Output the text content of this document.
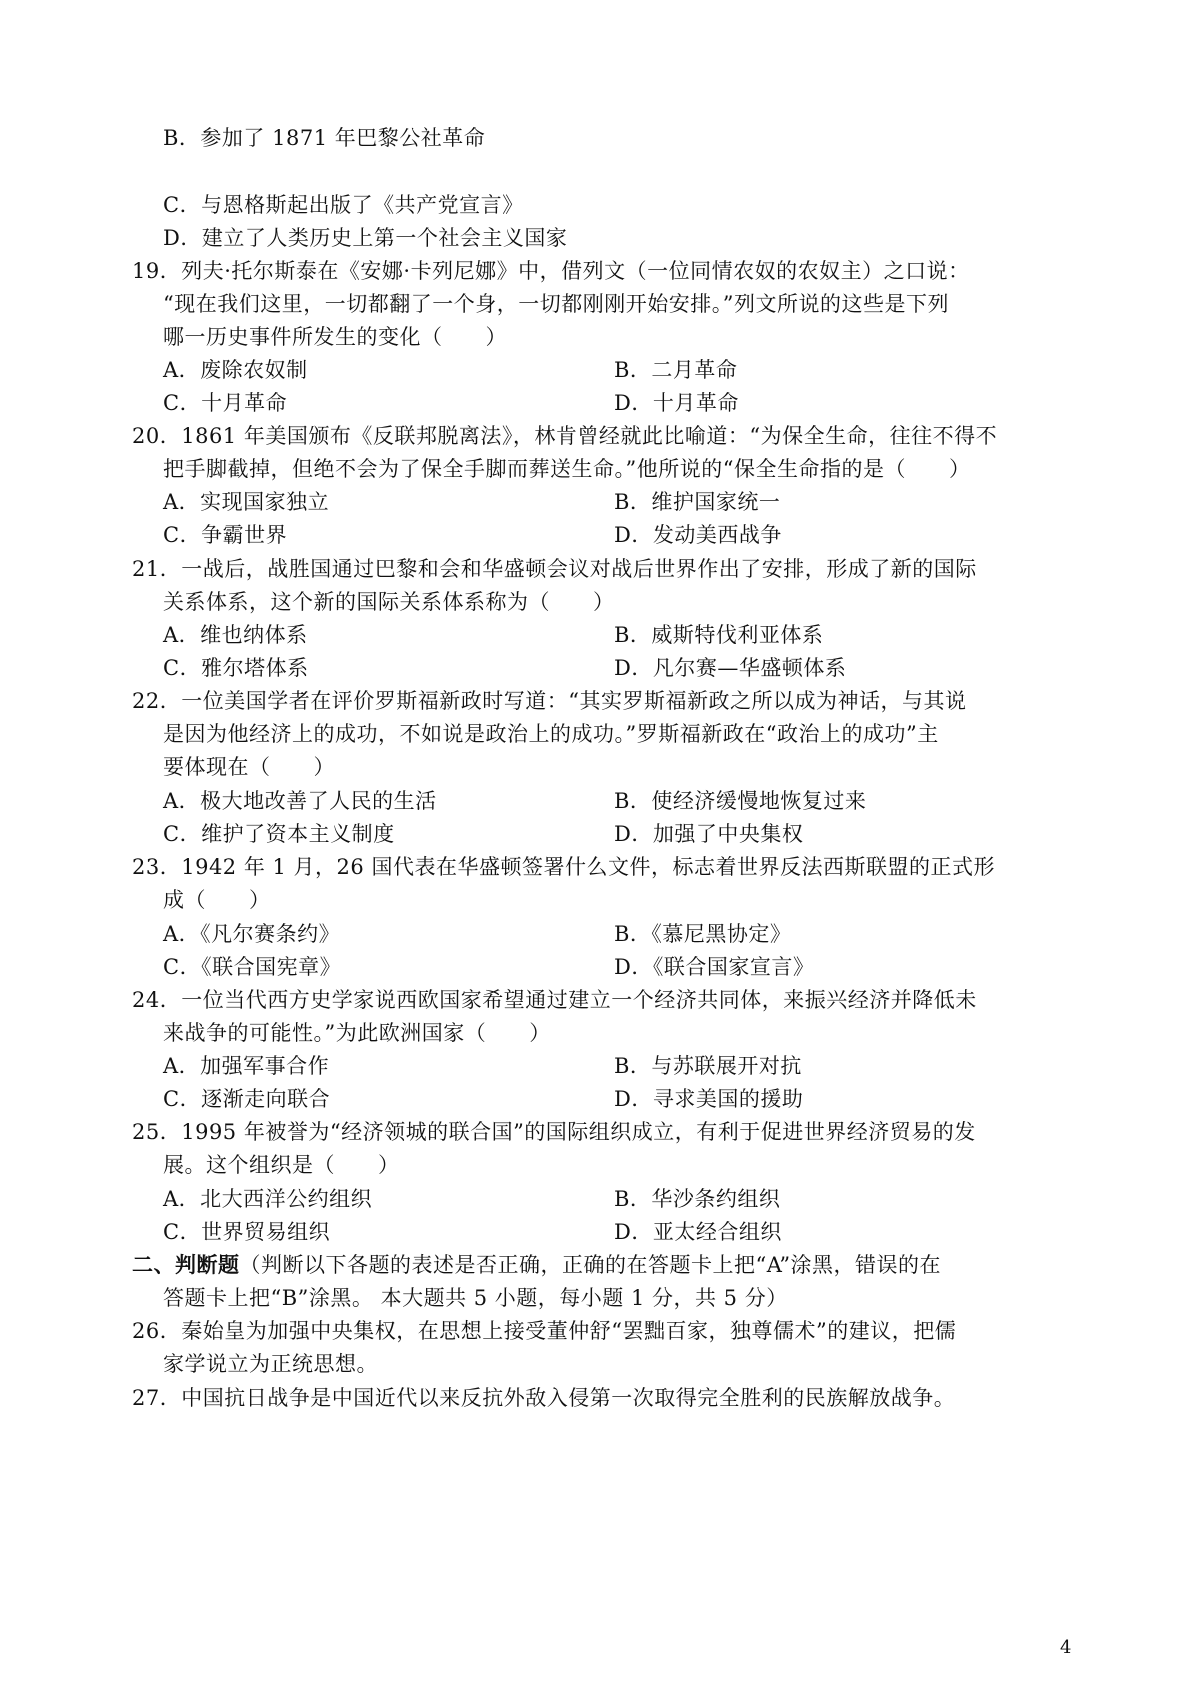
B．参加了 1871 年巴黎公社革命
C．与恩格斯起出版了《共产党宣言》
D．建立了人类历史上第一个社会主义国家
19．列夫·托尔斯泰在《安娜·卡列尼娜》中，借列文（一位同情农奴的农奴主）之口说：
“现在我们这里，一切都翻了一个身，一切都刚刚开始安排。”列文所说的这些是下列
哪一历史事件所发生的变化（　　）
A．废除农奴制	B．二月革命
C．十月革命	D．十月革命
20．1861 年美国颁布《反联邦脱离法》，林肯曾经就此比喻道：“为保全生命，往往不得不
把手脚截掉，但绝不会为了保全手脚而葬送生命。”他所说的“保全生命指的是（　　）
A．实现国家独立	B．维护国家统一
C．争霸世界	D．发动美西战争
21．一战后，战胜国通过巴黎和会和华盛顿会议对战后世界作出了安排，形成了新的国际
关系体系，这个新的国际关系体系称为（　　）
A．维也纳体系	B．威斯特伐利亚体系
C．雅尔塔体系	D．凡尔赛—华盛顿体系
22．一位美国学者在评价罗斯福新政时写道：“其实罗斯福新政之所以成为神话，与其说
是因为他经济上的成功，不如说是政治上的成功。”罗斯福新政在“政治上的成功”主
要体现在（　　）
A．极大地改善了人民的生活	B．使经济缓慢地恢复过来
C．维护了资本主义制度	D．加强了中央集权
23．1942 年 1 月，26 国代表在华盛顿签署什么文件，标志着世界反法西斯联盟的正式形
成（　　）
A．《凡尔赛条约》	B．《慕尼黑协定》
C．《联合国宪章》	D．《联合国家宣言》
24．一位当代西方史学家说西欧国家希望通过建立一个经济共同体，来振兴经济并降低未
来战争的可能性。”为此欧洲国家（　　）
A．加强军事合作	B．与苏联展开对抗
C．逐渐走向联合	D．寻求美国的援助
25．1995 年被誉为“经济领城的联合国”的国际组织成立，有利于促进世界经济贸易的发
展。这个组织是（　　）
A．北大西洋公约组织	B．华沙条约组织
C．世界贸易组织	D．亚太经合组织
二、判断题（判断以下各题的表述是否正确，正确的在答题卡上把“A”涂黑，错误的在
答题卡上把“B”涂黑。 本大题共 5 小题，每小题 1 分，共 5 分）
26．秦始皇为加强中央集权，在思想上接受董仲舒“罢黜百家，独尊儒术”的建议，把儒
家学说立为正统思想。
27．中国抗日战争是中国近代以来反抗外敌入侵第一次取得完全胜利的民族解放战争。
4
